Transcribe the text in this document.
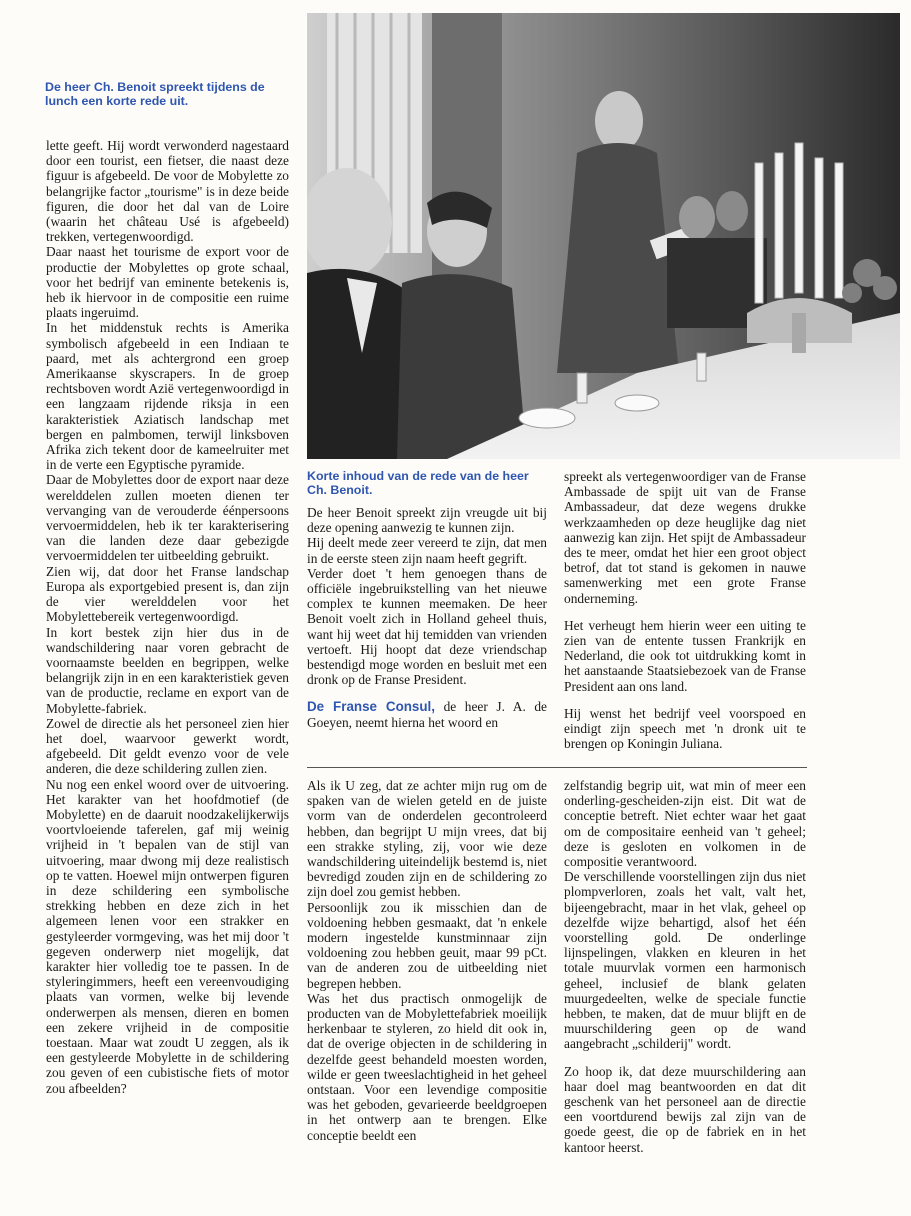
De heer Ch. Benoit spreekt tijdens de lunch een korte rede uit.

lette geeft. Hij wordt verwonderd nagestaard door een tourist, een fietser, die naast deze figuur is afgebeeld. De voor de Mobylette zo belangrijke factor „tourisme" is in deze beide figuren, die door het dal van de Loire (waarin het château Usé is afgebeeld) trekken, vertegenwoordigd.

Daar naast het tourisme de export voor de productie der Mobylettes op grote schaal, voor het bedrijf van eminente betekenis is, heb ik hiervoor in de compositie een ruime plaats ingeruimd.

In het middenstuk rechts is Amerika symbolisch afgebeeld in een Indiaan te paard, met als achtergrond een groep Amerikaanse skyscrapers. In de groep rechtsboven wordt Azië vertegenwoordigd in een langzaam rijdende riksja in een karakteristiek Aziatisch landschap met bergen en palmbomen, terwijl linksboven Afrika zich tekent door de kameelruiter met in de verte een Egyptische pyramide.

Daar de Mobylettes door de export naar deze werelddelen zullen moeten dienen ter vervanging van de verouderde éénpersoons vervoermiddelen, heb ik ter karakterisering van die landen deze daar gebezigde vervoermiddelen ter uitbeelding gebruikt.

Zien wij, dat door het Franse landschap Europa als exportgebied present is, dan zijn de vier werelddelen voor het Mobylettebereik vertegenwoordigd.

In kort bestek zijn hier dus in de wandschildering naar voren gebracht de voornaamste beelden en begrippen, welke belangrijk zijn in en een karakteristiek geven van de productie, reclame en export van de Mobylette-fabriek.

Zowel de directie als het personeel zien hier het doel, waarvoor gewerkt wordt, afgebeeld. Dit geldt evenzo voor de vele anderen, die deze schildering zullen zien.

Nu nog een enkel woord over de uitvoering. Het karakter van het hoofdmotief (de Mobylette) en de daaruit noodzakelijkerwijs voortvloeiende taferelen, gaf mij weinig vrijheid in 't bepalen van de stijl van uitvoering, maar dwong mij deze realistisch op te vatten. Hoewel mijn ontwerpen figuren in deze schildering een symbolische strekking hebben en deze zich in het algemeen lenen voor een strakker en gestyleerder vormgeving, was het mij door 't gegeven onderwerp niet mogelijk, dat karakter hier volledig toe te passen. In de styleringimmers, heeft een vereenvoudiging plaats van vormen, welke bij levende onderwerpen als mensen, dieren en bomen een zekere vrijheid in de compositie toestaan. Maar wat zoudt U zeggen, als ik een gestyleerde Mobylette in de schildering zou geven of een cubistische fiets of motor zou afbeelden?

Korte inhoud van de rede van de heer Ch. Benoit.

De heer Benoit spreekt zijn vreugde uit bij deze opening aanwezig te kunnen zijn.

Hij deelt mede zeer vereerd te zijn, dat men in de eerste steen zijn naam heeft gegrift.

Verder doet 't hem genoegen thans de officiële ingebruikstelling van het nieuwe complex te kunnen meemaken. De heer Benoit voelt zich in Holland geheel thuis, want hij weet dat hij temidden van vrienden vertoeft. Hij hoopt dat deze vriendschap bestendigd moge worden en besluit met een dronk op de Franse President.

De Franse Consul, de heer J. A. de Goeyen, neemt hierna het woord en

spreekt als vertegenwoordiger van de Franse Ambassade de spijt uit van de Franse Ambassadeur, dat deze wegens drukke werkzaamheden op deze heuglijke dag niet aanwezig kan zijn. Het spijt de Ambassadeur des te meer, omdat het hier een groot object betrof, dat tot stand is gekomen in nauwe samenwerking met een grote Franse onderneming.

Het verheugt hem hierin weer een uiting te zien van de entente tussen Frankrijk en Nederland, die ook tot uitdrukking komt in het aanstaande Staatsiebezoek van de Franse President aan ons land.

Hij wenst het bedrijf veel voorspoed en eindigt zijn speech met 'n dronk uit te brengen op Koningin Juliana.

Als ik U zeg, dat ze achter mijn rug om de spaken van de wielen geteld en de juiste vorm van de onderdelen gecontroleerd hebben, dan begrijpt U mijn vrees, dat bij een strakke styling, zij, voor wie deze wandschildering uiteindelijk bestemd is, niet bevredigd zouden zijn en de schildering zo zijn doel zou gemist hebben.

Persoonlijk zou ik misschien dan de voldoening hebben gesmaakt, dat 'n enkele modern ingestelde kunstminnaar zijn voldoening zou hebben geuit, maar 99 pCt. van de anderen zou de uitbeelding niet begrepen hebben.

Was het dus practisch onmogelijk de producten van de Mobylettefabriek moeilijk herkenbaar te styleren, zo hield dit ook in, dat de overige objecten in de schildering in dezelfde geest behandeld moesten worden, wilde er geen tweeslachtigheid in het geheel ontstaan. Voor een levendige compositie was het geboden, gevarieerde beeldgroepen in het ontwerp aan te brengen. Elke conceptie beeldt een

zelfstandig begrip uit, wat min of meer een onderling-gescheiden-zijn eist. Dit wat de conceptie betreft. Niet echter waar het gaat om de compositaire eenheid van 't geheel; deze is gesloten en volkomen in de compositie verantwoord.

De verschillende voorstellingen zijn dus niet plompverloren, zoals het valt, valt het, bijeengebracht, maar in het vlak, geheel op dezelfde wijze behartigd, alsof het één voorstelling gold. De onderlinge lijnspelingen, vlakken en kleuren in het totale muurvlak vormen een harmonisch geheel, inclusief de blank gelaten muurgedeelten, welke de speciale functie hebben, te maken, dat de muur blijft en de muurschildering geen op de wand aangebracht „schilderij" wordt.

Zo hoop ik, dat deze muurschildering aan haar doel mag beantwoorden en dat dit geschenk van het personeel aan de directie een voortdurend bewijs zal zijn van de goede geest, die op de fabriek en in het kantoor heerst.
